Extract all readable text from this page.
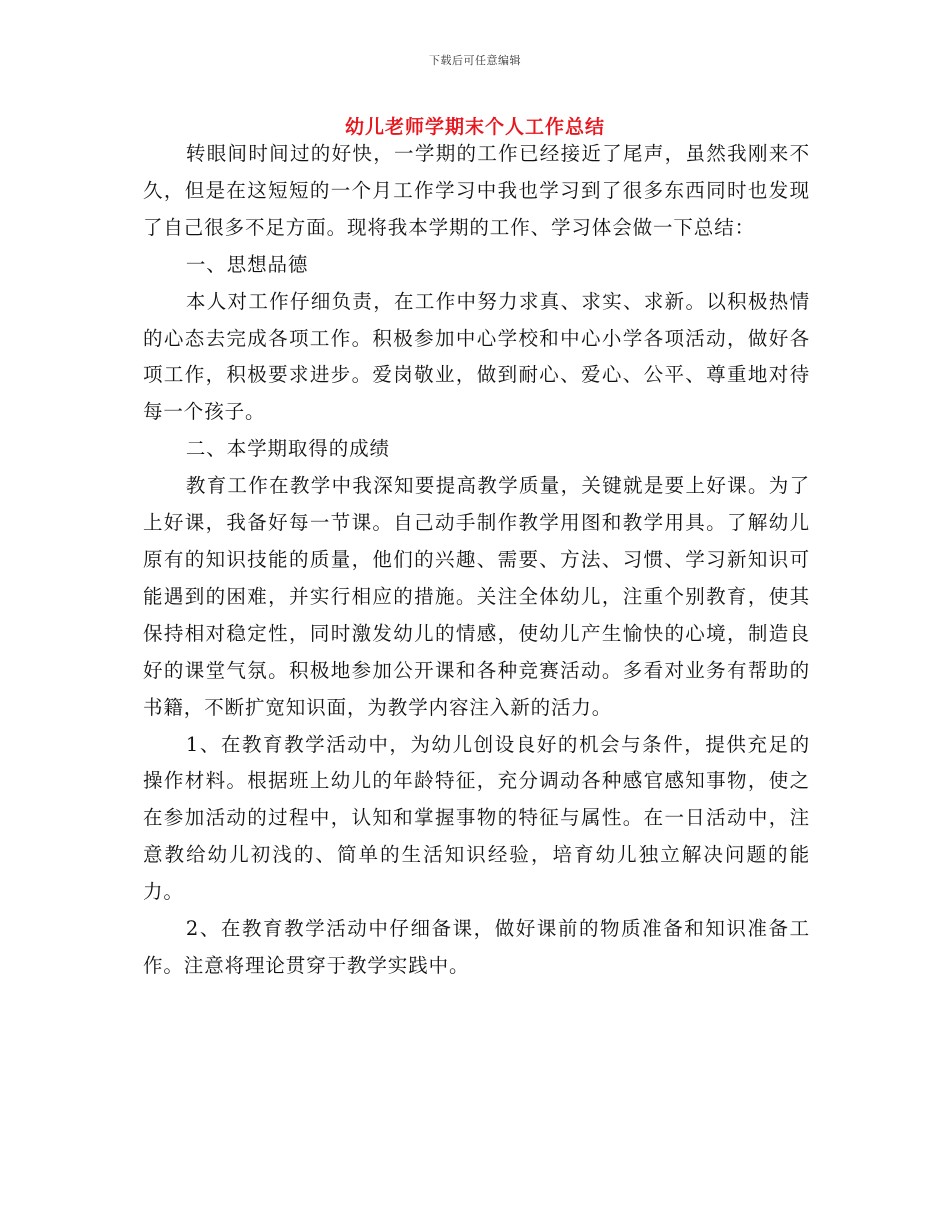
下载后可任意编辑
幼儿老师学期末个人工作总结

转眼间时间过的好快，一学期的工作已经接近了尾声，虽然我刚来不久，但是在这短短的一个月工作学习中我也学习到了很多东西同时也发现了自己很多不足方面。现将我本学期的工作、学习体会做一下总结：

一、思想品德

本人对工作仔细负责，在工作中努力求真、求实、求新。以积极热情的心态去完成各项工作。积极参加中心学校和中心小学各项活动，做好各项工作，积极要求进步。爱岗敬业，做到耐心、爱心、公平、尊重地对待每一个孩子。

二、本学期取得的成绩

教育工作在教学中我深知要提高教学质量，关键就是要上好课。为了上好课，我备好每一节课。自己动手制作教学用图和教学用具。了解幼儿原有的知识技能的质量，他们的兴趣、需要、方法、习惯、学习新知识可能遇到的困难，并实行相应的措施。关注全体幼儿，注重个别教育，使其保持相对稳定性，同时激发幼儿的情感，使幼儿产生愉快的心境，制造良好的课堂气氛。积极地参加公开课和各种竞赛活动。多看对业务有帮助的书籍，不断扩宽知识面，为教学内容注入新的活力。

1、在教育教学活动中，为幼儿创设良好的机会与条件，提供充足的操作材料。根据班上幼儿的年龄特征，充分调动各种感官感知事物，使之在参加活动的过程中，认知和掌握事物的特征与属性。在一日活动中，注意教给幼儿初浅的、简单的生活知识经验，培育幼儿独立解决问题的能力。

2、在教育教学活动中仔细备课，做好课前的物质准备和知识准备工作。注意将理论贯穿于教学实践中。
